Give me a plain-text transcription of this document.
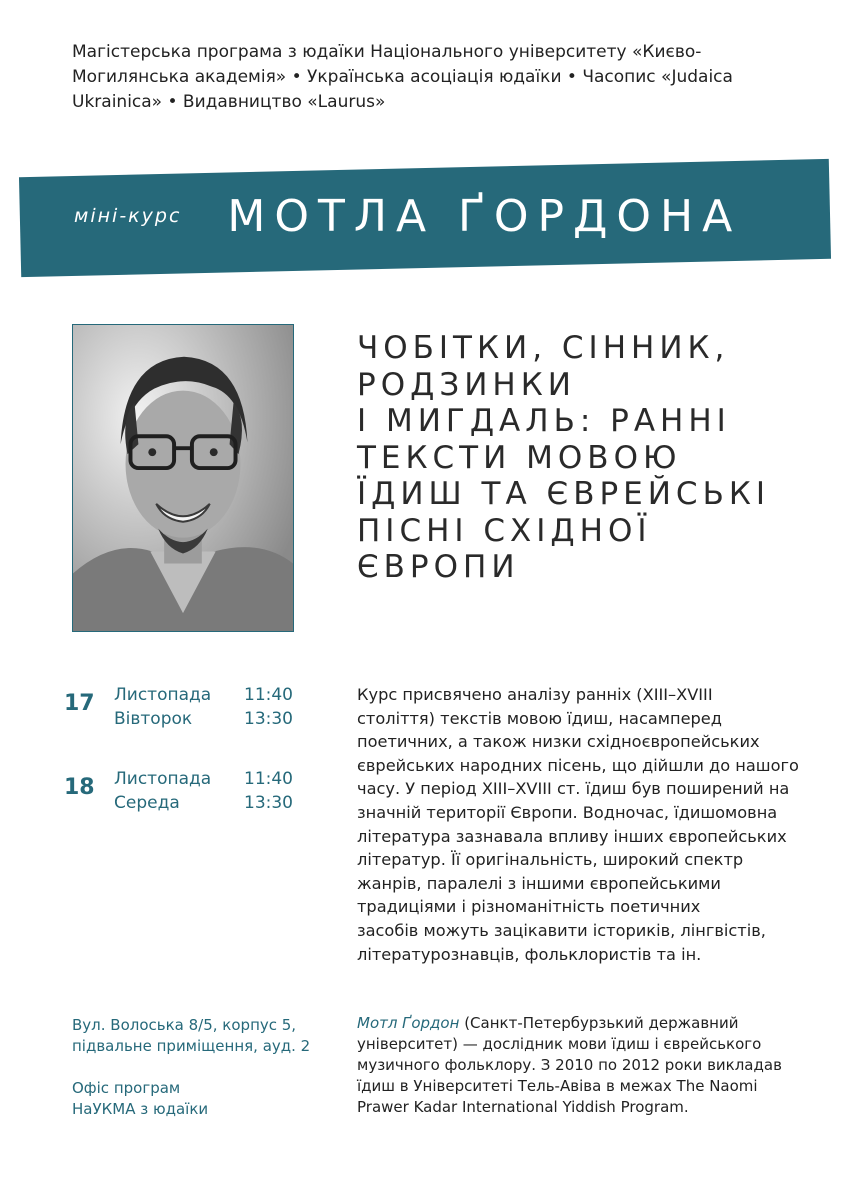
Магістерська програма з юдаїки Національного університету «Києво-Могилянська академія» • Українська асоціація юдаїки • Часопис «Judaica Ukrainica» • Видавництво «Laurus»
міні-курс МОТЛА ҐОРДОНА
ЧОБІТКИ, СІННИК,
РОДЗИНКИ
І МИГДАЛЬ: РАННІ
ТЕКСТИ МОВОЮ
ЇДИШ ТА ЄВРЕЙСЬКІ
ПІСНІ СХІДНОЇ
ЄВРОПИ
17 Листопада
Вівторок
11:40
13:30
18 Листопада
Середа
11:40
13:30
Курс присвячено аналізу ранніх (XIII–XVIII
століття) текстів мовою їдиш, насамперед
поетичних, а також низки східноєвропейських
єврейських народних пісень, що дійшли до нашого
часу. У період XIII–XVIII ст. їдиш був поширений на
значній території Європи. Водночас, їдишомовна
література зазнавала впливу інших європейських
літератур. Її оригінальність, широкий спектр
жанрів, паралелі з іншими європейськими
традиціями і різноманітність поетичних
засобів можуть зацікавити істориків, лінгвістів,
літературознавців, фольклористів та ін.
Вул. Волоська 8/5, корпус 5,
підвальне приміщення, ауд. 2
Офіс програм
НаУКМА з юдаїки
Мотл Ґордон (Санкт-Петербурзький державний
університет) — дослідник мови їдиш і єврейського
музичного фольклору. З 2010 по 2012 роки викладав
їдиш в Університеті Тель-Авіва в межах The Naomi
Prawer Kadar International Yiddish Program.
